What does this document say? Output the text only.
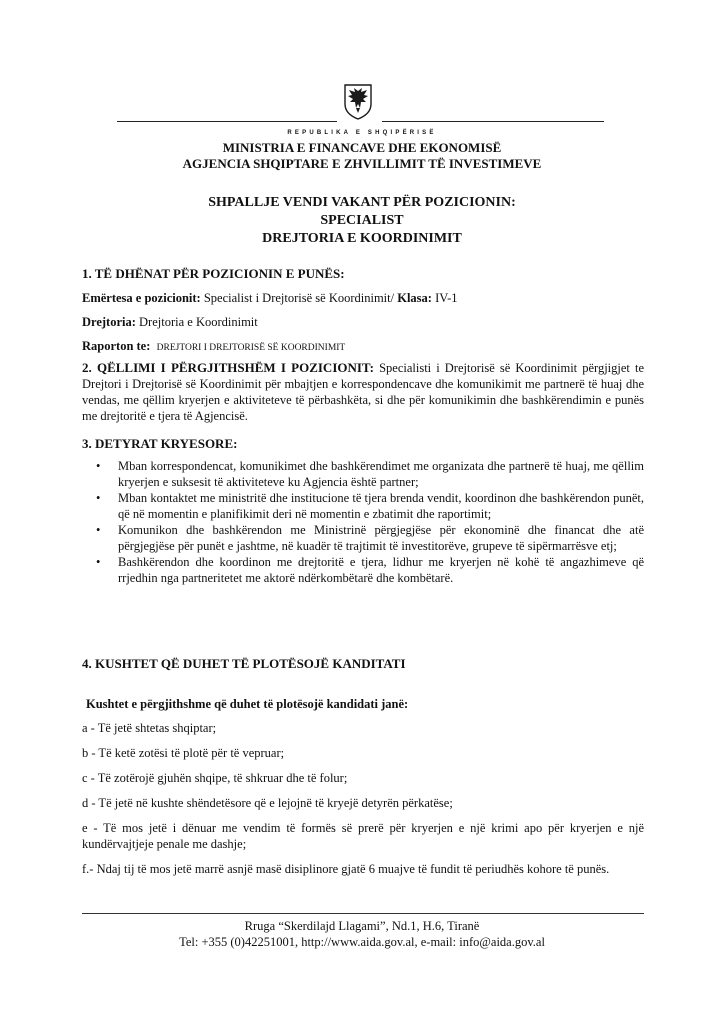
REPUBLIKA E SHQIPËRISË
MINISTRIA E FINANCAVE DHE EKONOMISË
AGJENCIA SHQIPTARE E ZHVILLIMIT TË INVESTIMEVE
SHPALLJE VENDI VAKANT PËR POZICIONIN:
SPECIALIST
DREJTORIA E KOORDINIMIT
1. TË DHËNAT PËR POZICIONIN E PUNËS:
Emërtesa e pozicionit: Specialist i Drejtorisë së Koordinimit/ Klasa: IV-1
Drejtoria: Drejtoria e Koordinimit
Raporton te: DREJTORI I DREJTORISË SË KOORDINIMIT
2. QËLLIMI I PËRGJITHSHËM I POZICIONIT: Specialisti i Drejtorisë së Koordinimit përgjigjet te Drejtori i Drejtorisë së Koordinimit për mbajtjen e korrespondencave dhe komunikimit me partnerë të huaj dhe vendas, me qëllim kryerjen e aktiviteteve të përbashkëta, si dhe për komunikimin dhe bashkërendimin e punës me drejtoritë e tjera të Agjencisë.
3. DETYRAT KRYESORE:
• Mban korrespondencat, komunikimet dhe bashkërendimet me organizata dhe partnerë të huaj, me qëllim kryerjen e suksesit të aktiviteteve ku Agjencia është partner;
• Mban kontaktet me ministritë dhe institucione të tjera brenda vendit, koordinon dhe bashkërendon punët, që në momentin e planifikimit deri në momentin e zbatimit dhe raportimit;
• Komunikon dhe bashkërendon me Ministrinë përgjegjëse për ekonominë dhe financat dhe atë përgjegjëse për punët e jashtme, në kuadër të trajtimit të investitorëve, grupeve të sipërmarrësve etj;
• Bashkërendon dhe koordinon me drejtoritë e tjera, lidhur me kryerjen në kohë të angazhimeve që rrjedhin nga partneritetet me aktorë ndërkombëtarë dhe kombëtarë.
4. KUSHTET QË DUHET TË PLOTËSOJË KANDITATI

Kushtet e përgjithshme që duhet të plotësojë kandidati janë:

a - Të jetë shtetas shqiptar;

b - Të ketë zotësi të plotë për të vepruar;

c - Të zotërojë gjuhën shqipe, të shkruar dhe të folur;

d - Të jetë në kushte shëndetësore që e lejojnë të kryejë detyrën përkatëse;

e - Të mos jetë i dënuar me vendim të formës së prerë për kryerjen e një krimi apo për kryerjen e një kundërvajtjeje penale me dashje;

f.- Ndaj tij të mos jetë marrë asnjë masë disiplinore gjatë 6 muajve të fundit të periudhës kohore të punës.

Rruga “Skerdilajd Llagami”, Nd.1, H.6, Tiranë
Tel: +355 (0)42251001, http://www.aida.gov.al, e-mail: info@aida.gov.al
